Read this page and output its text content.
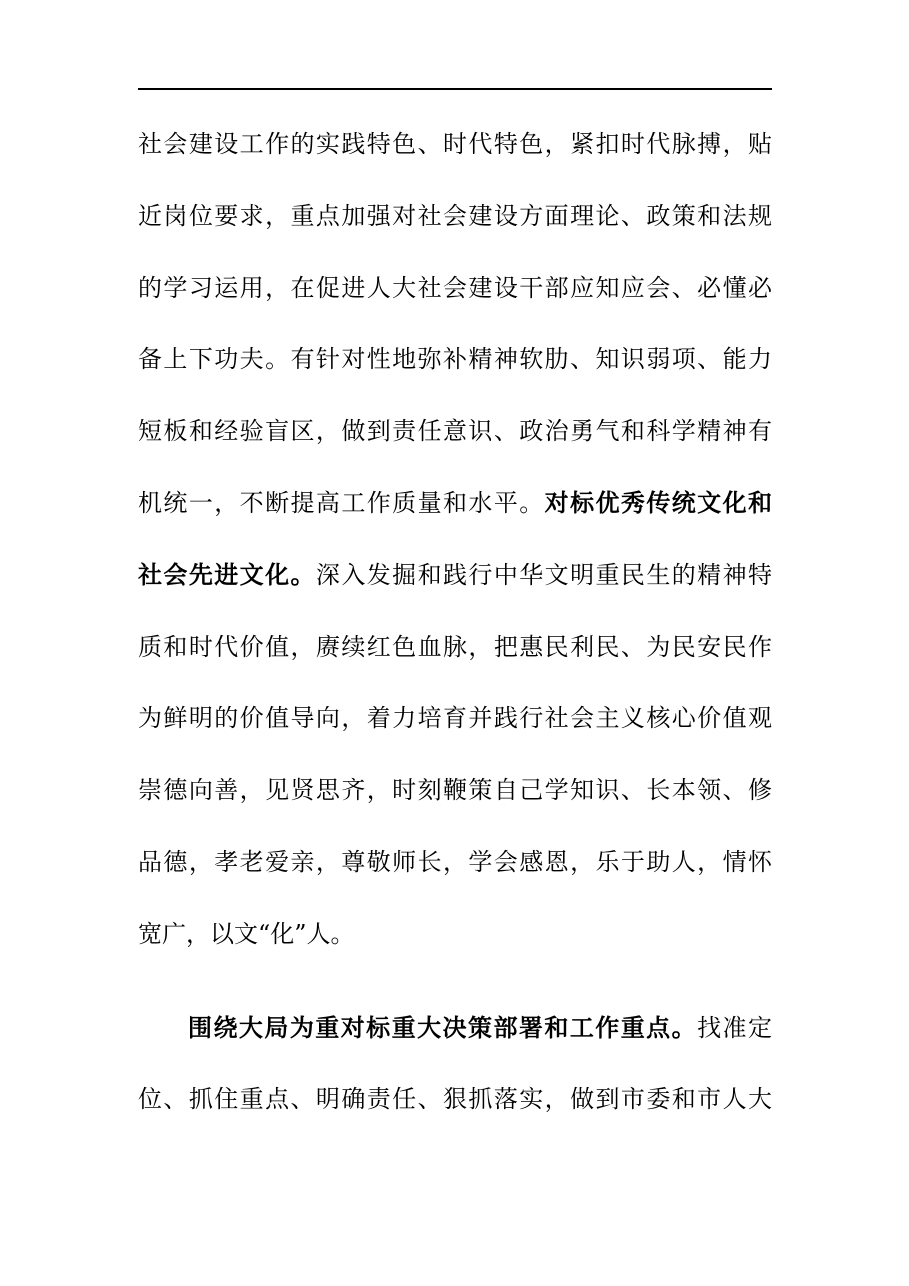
社会建设工作的实践特色、时代特色，紧扣时代脉搏，贴
近岗位要求，重点加强对社会建设方面理论、政策和法规
的学习运用，在促进人大社会建设干部应知应会、必懂必
备上下功夫。有针对性地弥补精神软肋、知识弱项、能力
短板和经验盲区，做到责任意识、政治勇气和科学精神有
机统一，不断提高工作质量和水平。对标优秀传统文化和
社会先进文化。深入发掘和践行中华文明重民生的精神特
质和时代价值，赓续红色血脉，把惠民利民、为民安民作
为鲜明的价值导向，着力培育并践行社会主义核心价值观
崇德向善，见贤思齐，时刻鞭策自己学知识、长本领、修
品德，孝老爱亲，尊敬师长，学会感恩，乐于助人，情怀
宽广，以文“化”人。
围绕大局为重对标重大决策部署和工作重点。找准定
位、抓住重点、明确责任、狠抓落实，做到市委和市人大
